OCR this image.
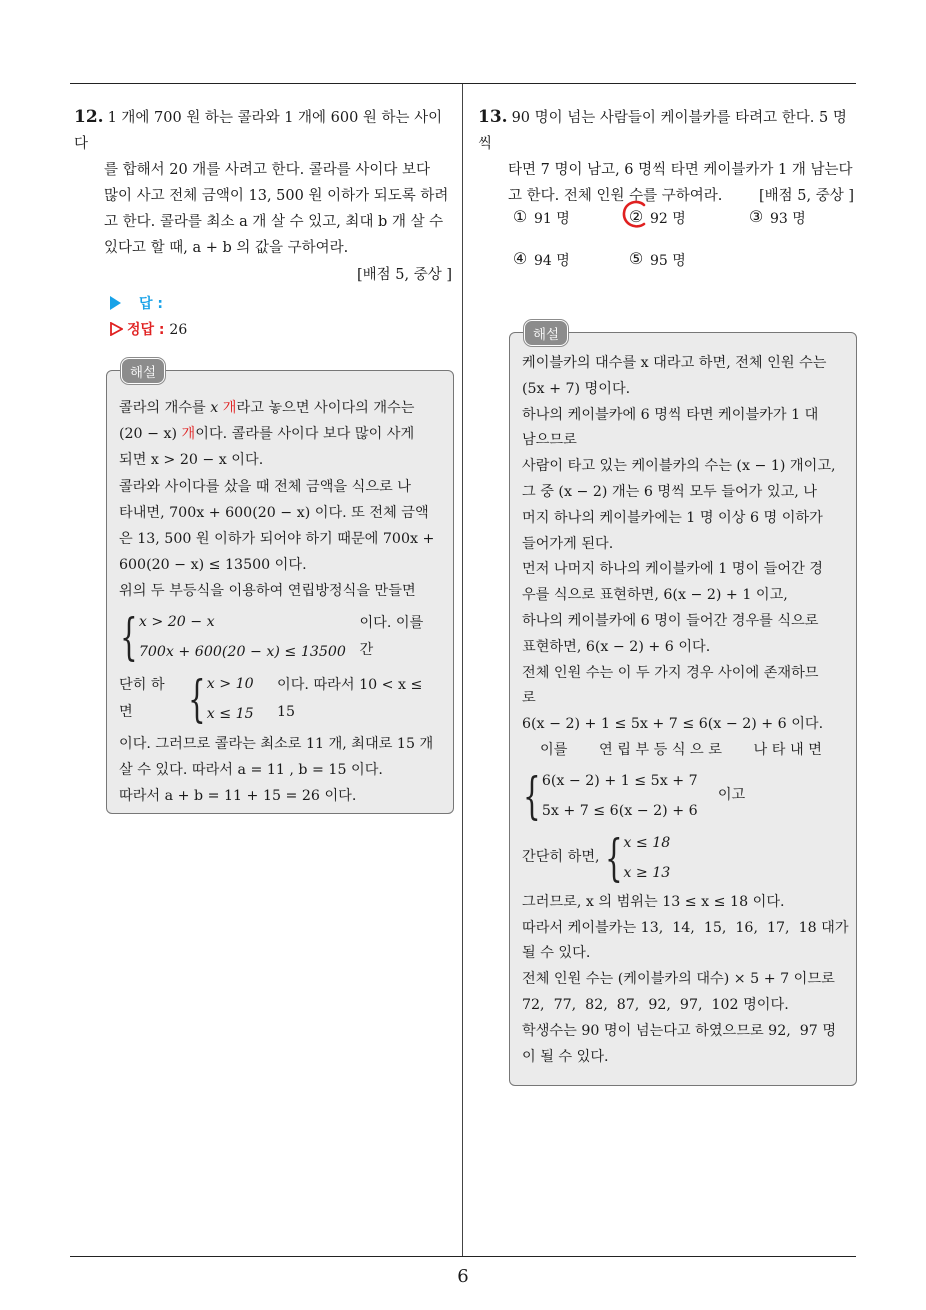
6
12. 1 개에 700 원 하는 콜라와 1 개에 600 원 하는 사이다
를 합해서 20 개를 사려고 한다. 콜라를 사이다 보다
많이 사고 전체 금액이 13, 500 원 이하가 되도록 하려
고 한다. 콜라를 최소 a 개 살 수 있고, 최대 b 개 살 수
있다고 할 때, a + b 의 값을 구하여라.
[배점 5, 중상 ]
답 :
정답 : 26
해설
콜라의 개수를 x 개라고 놓으면 사이다의 개수는
(20 − x) 개이다. 콜라를 사이다 보다 많이 사게
되면 x > 20 − x 이다.
콜라와 사이다를 샀을 때 전체 금액을 식으로 나
타내면, 700x + 600(20 − x) 이다. 또 전체 금액
은 13, 500 원 이하가 되어야 하기 때문에 700x +
600(20 − x) ≤ 13500 이다.
위의 두 부등식을 이용하여 연립방정식을 만들면
{ x > 20 − x
700x + 600(20 − x) ≤ 13500
이다. 이를 간
단히 하면	{ x > 10
x ≤ 15
이다. 따라서 10 < x ≤ 15
이다. 그러므로 콜라는 최소로 11 개, 최대로 15 개
살 수 있다. 따라서 a = 11 , b = 15 이다.
따라서 a + b = 11 + 15 = 26 이다.
13. 90 명이 넘는 사람들이 케이블카를 타려고 한다. 5 명씩
타면 7 명이 남고, 6 명씩 타면 케이블카가 1 개 남는다
고 한다. 전체 인원 수를 구하여라.	[배점 5, 중상 ]
① 91 명	② 92 명	③ 93 명
④ 94 명	⑤ 95 명
해설
케이블카의 대수를 x 대라고 하면, 전체 인원 수는
(5x + 7) 명이다.
하나의 케이블카에 6 명씩 타면 케이블카가 1 대
남으므로
사람이 타고 있는 케이블카의 수는 (x − 1) 개이고,
그 중 (x − 2) 개는 6 명씩 모두 들어가 있고, 나
머지 하나의 케이블카에는 1 명 이상 6 명 이하가
들어가게 된다.
먼저 나머지 하나의 케이블카에 1 명이 들어간 경
우를 식으로 표현하면, 6(x − 2) + 1 이고,
하나의 케이블카에 6 명이 들어간 경우를 식으로
표현하면, 6(x − 2) + 6 이다.
전체 인원 수는 이 두 가지 경우 사이에 존재하므
로
6(x − 2) + 1 ≤ 5x + 7 ≤ 6(x − 2) + 6 이다.
이를       연 립 부 등 식 으 로       나 타 내 면
{ 6(x − 2) + 1 ≤ 5x + 7
5x + 7 ≤ 6(x − 2) + 6
이고
간단히 하면, { x ≤ 18
x ≥ 13
그러므로, x 의 범위는 13 ≤ x ≤ 18 이다.
따라서 케이블카는 13,  14,  15,  16,  17,  18 대가
될 수 있다.
전체 인원 수는 (케이블카의 대수) × 5 + 7 이므로
72,  77,  82,  87,  92,  97,  102 명이다.
학생수는 90 명이 넘는다고 하였으므로 92,  97 명
이 될 수 있다.
